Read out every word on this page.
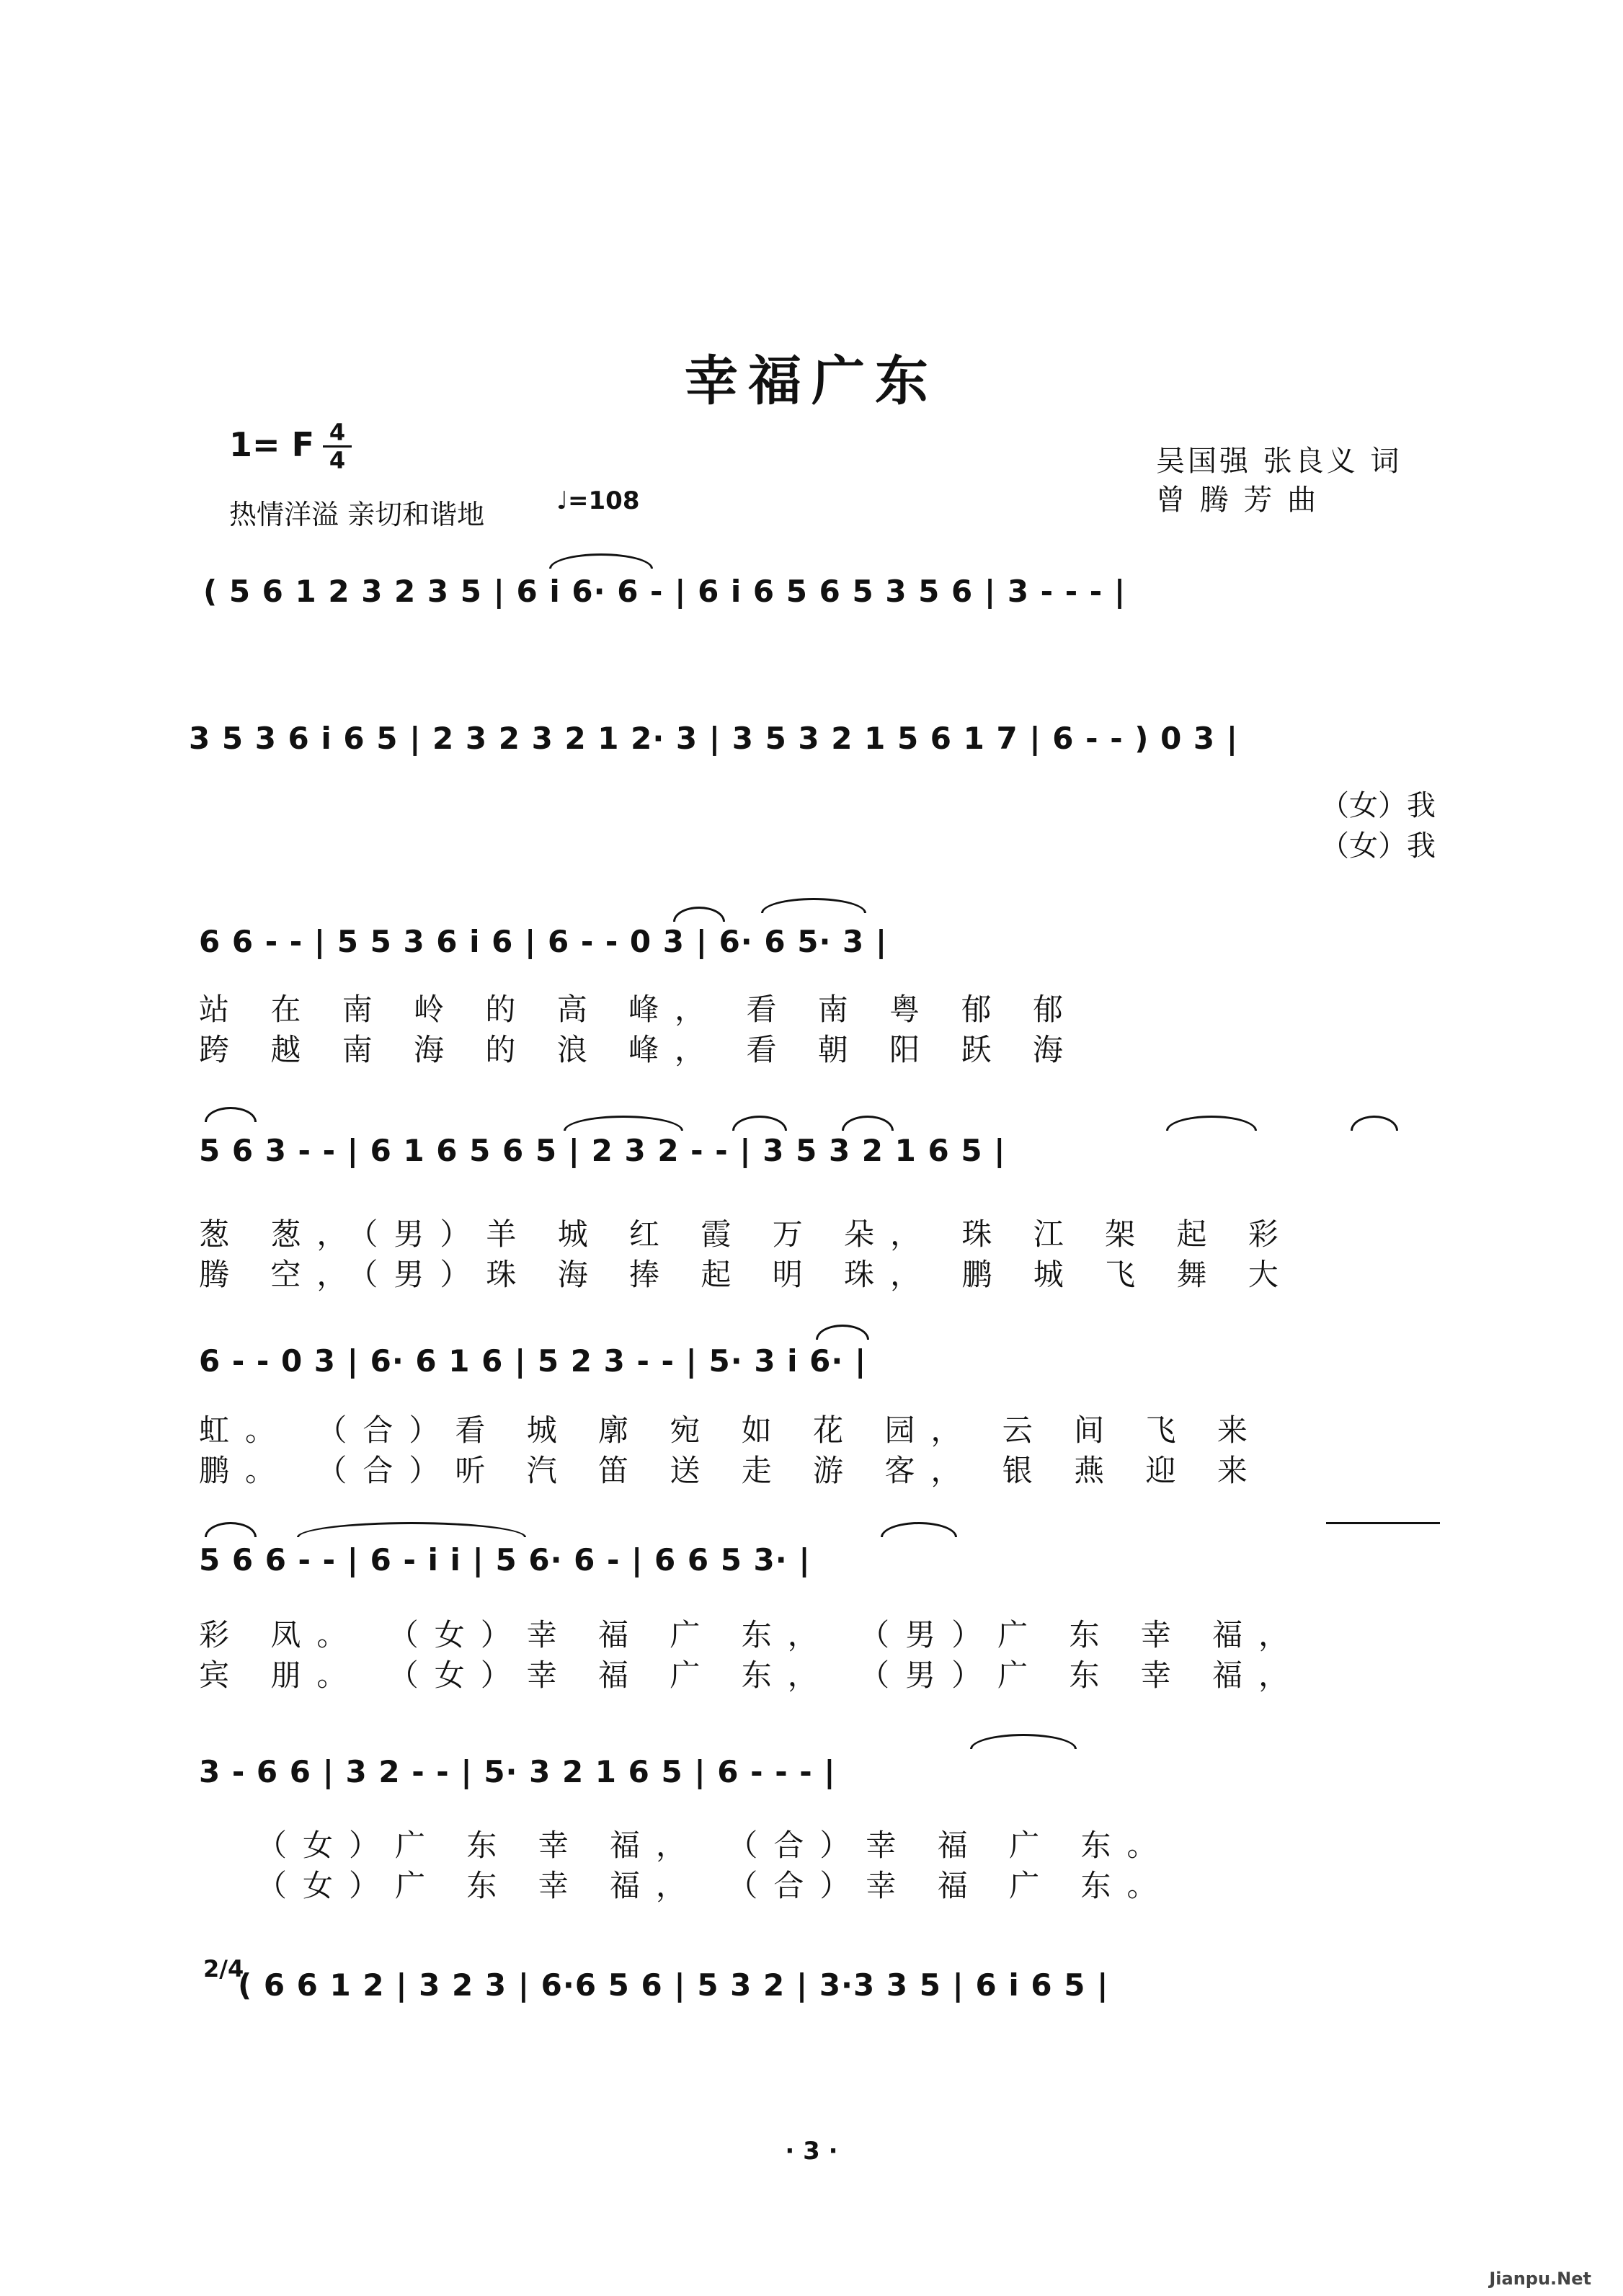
幸福广东
1= F 4
4
热情洋溢 亲切和谐地	♩=108
吴国强 张良义 词
曾 腾 芳 曲
( 5 6 1 2 3 2 3 5 | 6 i 6· 6 - | 6 i 6 5 6 5 3 5 6 | 3 - - - |
3 5 3 6 i 6 5 | 2 3 2 3 2 1 2· 3 | 3 5 3 2 1 5 6 1 7 | 6 - - ) 0 3 |
（女）我
（女）我
6 6 - - | 5 5 3 6 i 6 | 6 - - 0 3 | 6· 6 5· 3 |
站 在 南 岭 的 高 峰， 看 南 粤 郁 郁
跨 越 南 海 的 浪 峰， 看 朝 阳 跃 海
5 6 3 - - | 6 1 6 5 6 5 | 2 3 2 - - | 3 5 3 2 1 6 5 |
葱 葱，（男）羊 城 红 霞 万 朵， 珠 江 架 起 彩
腾 空，（男）珠 海 捧 起 明 珠， 鹏 城 飞 舞 大
6 - - 0 3 | 6· 6 1 6 | 5 2 3 - - | 5· 3 i 6· |
虹。 （合）看 城 廓 宛 如 花 园， 云 间 飞 来
鹏。 （合）听 汽 笛 送 走 游 客， 银 燕 迎 来
5 6 6 - - | 6 - i i | 5 6· 6 - | 6 6 5 3· |
彩 凤。 （女）幸 福 广 东， （男）广 东 幸 福，
宾 朋。 （女）幸 福 广 东， （男）广 东 幸 福，
3 - 6 6 | 3 2 - - | 5· 3 2 1 6 5 | 6 - - - |
（女）广 东 幸 福， （合）幸 福 广 东。
（女）广 东 幸 福， （合）幸 福 广 东。
2/4
( 6 6 1 2 | 3 2 3 | 6·6 5 6 | 5 3 2 | 3·3 3 5 | 6 i 6 5 |
· 3 ·
Jianpu.Net
